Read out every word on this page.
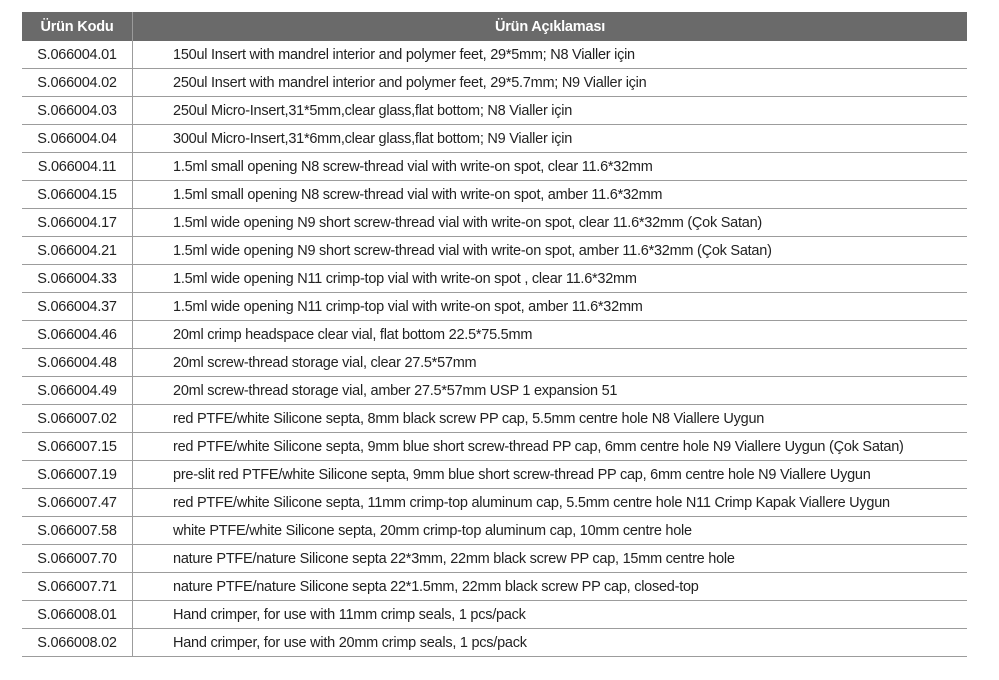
Ürün Kodu	Ürün Açıklaması
S.066004.01	150ul Insert with mandrel interior and polymer feet, 29*5mm; N8 Vialler için
S.066004.02	250ul Insert with mandrel interior and polymer feet, 29*5.7mm; N9 Vialler için
S.066004.03	250ul Micro-Insert,31*5mm,clear glass,flat bottom; N8 Vialler için
S.066004.04	300ul Micro-Insert,31*6mm,clear glass,flat bottom; N9 Vialler için
S.066004.11	1.5ml small opening N8 screw-thread vial with write-on spot, clear 11.6*32mm
S.066004.15	1.5ml small opening N8 screw-thread vial with write-on spot, amber 11.6*32mm
S.066004.17	1.5ml wide opening N9 short screw-thread vial with write-on spot, clear 11.6*32mm (Çok Satan)
S.066004.21	1.5ml wide opening N9 short screw-thread vial with write-on spot, amber 11.6*32mm (Çok Satan)
S.066004.33	1.5ml wide opening N11 crimp-top vial with write-on spot , clear 11.6*32mm
S.066004.37	1.5ml wide opening N11 crimp-top vial with write-on spot, amber 11.6*32mm
S.066004.46	20ml crimp headspace clear vial, flat bottom 22.5*75.5mm
S.066004.48	20ml screw-thread storage vial, clear 27.5*57mm
S.066004.49	20ml screw-thread storage vial, amber 27.5*57mm USP 1 expansion 51
S.066007.02	red PTFE/white Silicone septa, 8mm black screw PP cap, 5.5mm centre hole N8 Viallere Uygun
S.066007.15	red PTFE/white Silicone septa, 9mm blue short screw-thread PP cap, 6mm centre hole N9 Viallere Uygun (Çok Satan)
S.066007.19	pre-slit red PTFE/white Silicone septa, 9mm blue short screw-thread PP cap, 6mm centre hole N9 Viallere Uygun
S.066007.47	red PTFE/white Silicone septa, 11mm crimp-top aluminum cap, 5.5mm centre hole N11 Crimp Kapak Viallere Uygun
S.066007.58	white PTFE/white Silicone septa, 20mm crimp-top aluminum cap, 10mm centre hole
S.066007.70	nature PTFE/nature Silicone septa 22*3mm, 22mm black screw PP cap, 15mm centre hole
S.066007.71	nature PTFE/nature Silicone septa 22*1.5mm, 22mm black screw PP cap, closed-top
S.066008.01	Hand crimper, for use with 11mm crimp seals, 1 pcs/pack
S.066008.02	Hand crimper, for use with 20mm crimp seals, 1 pcs/pack
